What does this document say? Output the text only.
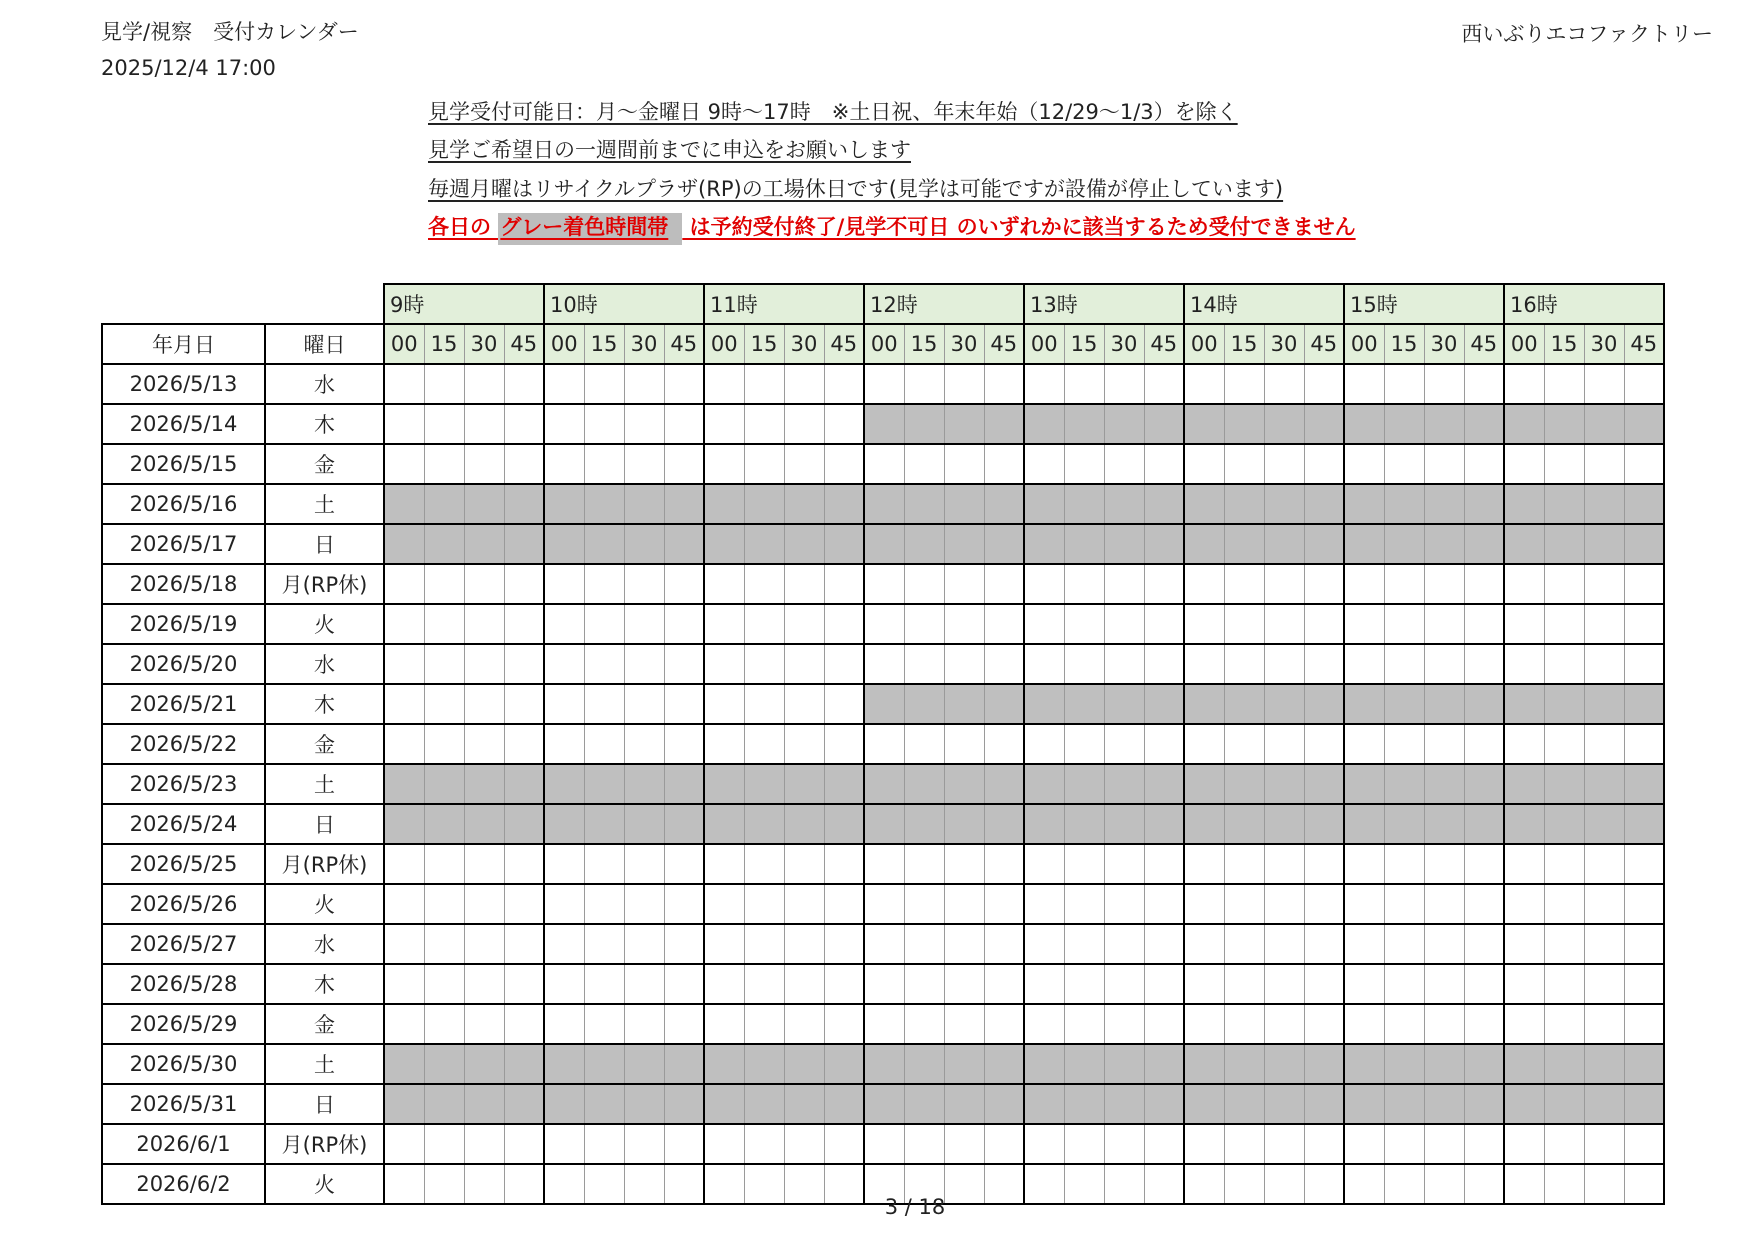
見学/視察　受付カレンダー
2025/12/4 17:00
西いぶりエコファクトリー
見学受付可能日：月～金曜日 9時～17時　※土日祝、年末年始（12/29～1/3）を除く
見学ご希望日の一週間前までに申込をお願いします
毎週月曜はリサイクルプラザ(RP)の工場休日です(見学は可能ですが設備が停止しています)
各日の グレー着色時間帯 は予約受付終了/見学不可日 のいずれかに該当するため受付できません
		9時				10時				11時				12時				13時				14時				15時				16時			
年月日	曜日	00	15	30	45	00	15	30	45	00	15	30	45	00	15	30	45	00	15	30	45	00	15	30	45	00	15	30	45	00	15	30	45
2026/5/13	水																																
2026/5/14	木																																
2026/5/15	金																																
2026/5/16	土																																
2026/5/17	日																																
2026/5/18	月(RP休)																																
2026/5/19	火																																
2026/5/20	水																																
2026/5/21	木																																
2026/5/22	金																																
2026/5/23	土																																
2026/5/24	日																																
2026/5/25	月(RP休)																																
2026/5/26	火																																
2026/5/27	水																																
2026/5/28	木																																
2026/5/29	金																																
2026/5/30	土																																
2026/5/31	日																																
2026/6/1	月(RP休)																																
2026/6/2	火																																
3 / 18
